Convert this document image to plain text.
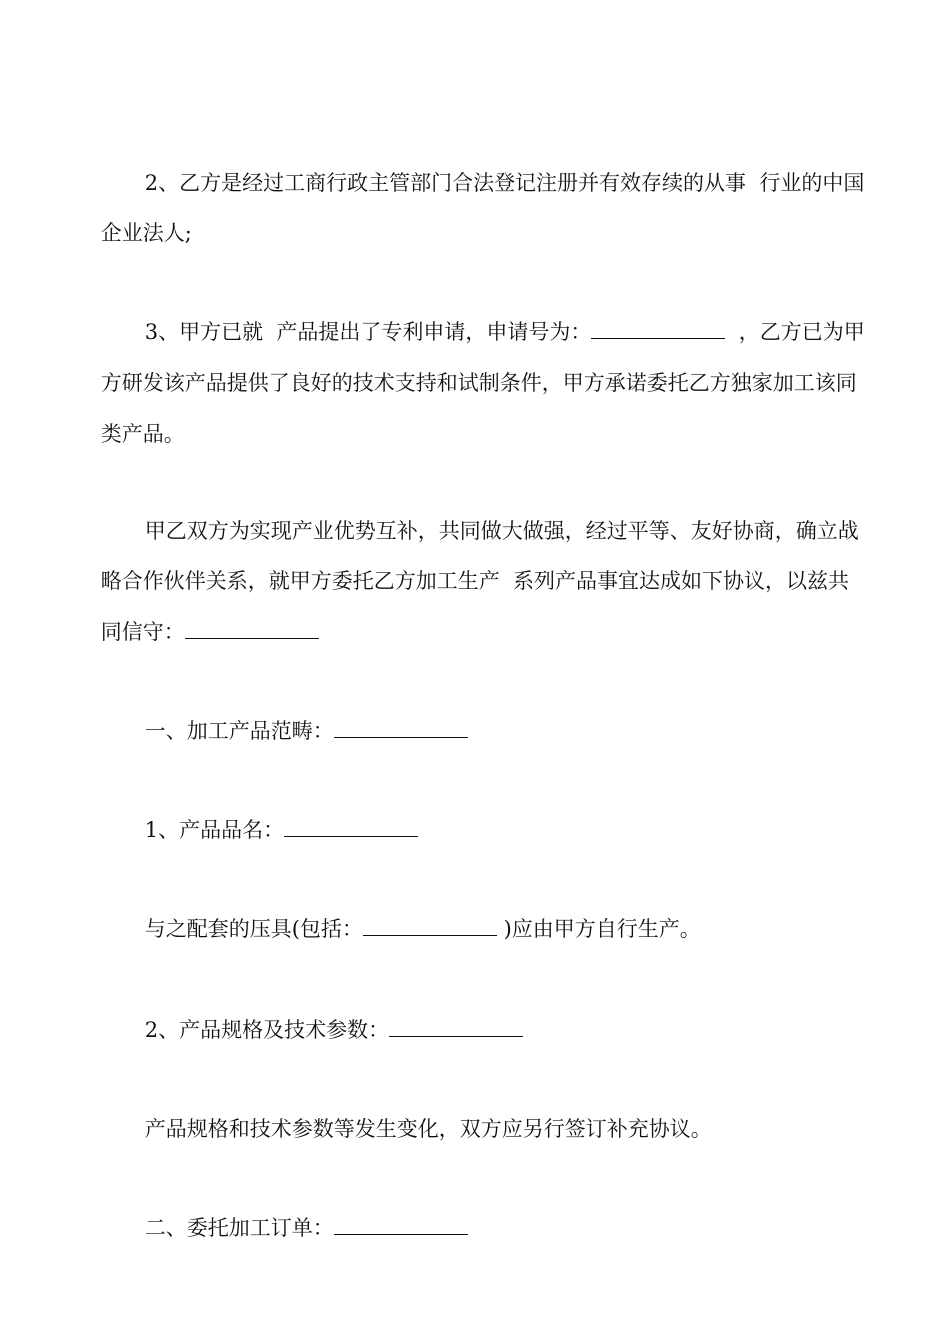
2、乙方是经过工商行政主管部门合法登记注册并有效存续的从事  行业的中国

企业法人;

3、甲方已就  产品提出了专利申请，申请号为：	，乙方已为甲

方研发该产品提供了良好的技术支持和试制条件，甲方承诺委托乙方独家加工该同

类产品。

甲乙双方为实现产业优势互补，共同做大做强，经过平等、友好协商，确立战

略合作伙伴关系，就甲方委托乙方加工生产  系列产品事宜达成如下协议，以兹共

同信守：

一、加工产品范畴：

1、产品品名：

与之配套的压具(包括：	)应由甲方自行生产。

2、产品规格及技术参数：

产品规格和技术参数等发生变化，双方应另行签订补充协议。

二、委托加工订单：
